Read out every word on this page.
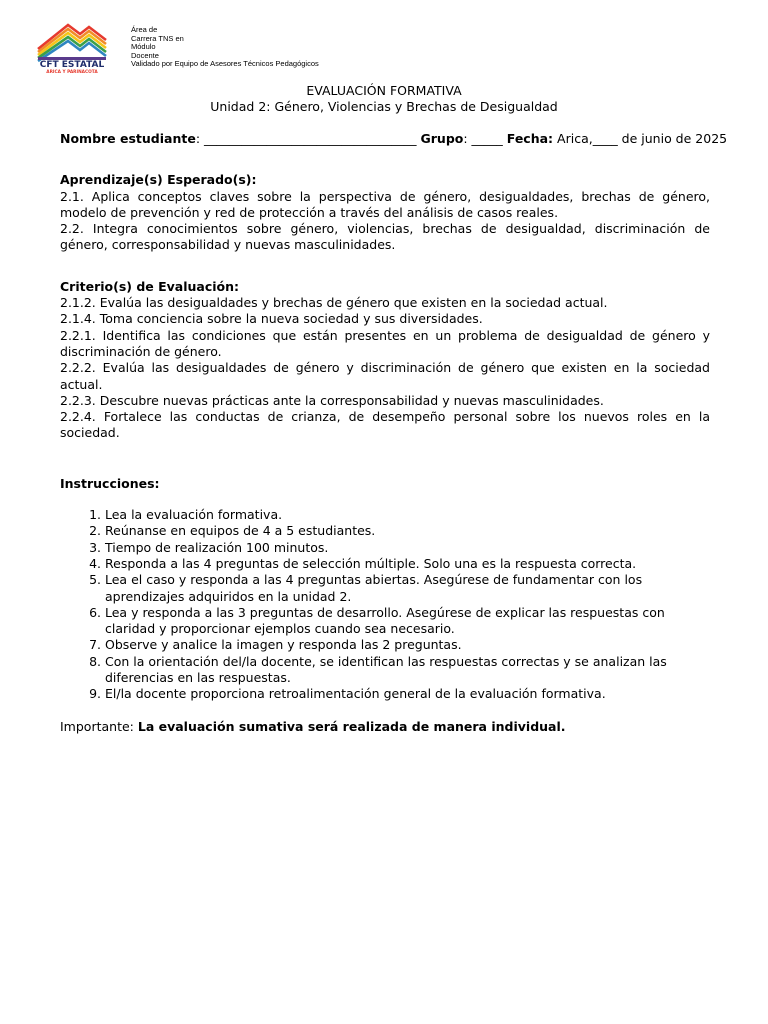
CFT ESTATAL
ARICA Y PARINACOTA
Área de
Carrera TNS en
Módulo
Docente
Validado por Equipo de Asesores Técnicos Pedagógicos
EVALUACIÓN FORMATIVA
Unidad 2: Género, Violencias y Brechas de Desigualdad
Nombre estudiante: __________________________________ Grupo: _____ Fecha: Arica,____ de junio de 2025
Aprendizaje(s) Esperado(s):
2.1. Aplica conceptos claves sobre la perspectiva de género, desigualdades, brechas de género, modelo de prevención y red de protección a través del análisis de casos reales.
2.2. Integra conocimientos sobre género, violencias, brechas de desigualdad, discriminación de género, corresponsabilidad y nuevas masculinidades.
Criterio(s) de Evaluación:
2.1.2. Evalúa las desigualdades y brechas de género que existen en la sociedad actual.
2.1.4. Toma conciencia sobre la nueva sociedad y sus diversidades.
2.2.1. Identifica las condiciones que están presentes en un problema de desigualdad de género y discriminación de género.
2.2.2. Evalúa las desigualdades de género y discriminación de género que existen en la sociedad actual.
2.2.3. Descubre nuevas prácticas ante la corresponsabilidad y nuevas masculinidades.
2.2.4. Fortalece las conductas de crianza, de desempeño personal sobre los nuevos roles en la sociedad.
Instrucciones:
1. Lea la evaluación formativa.
2. Reúnanse en equipos de 4 a 5 estudiantes.
3. Tiempo de realización 100 minutos.
4. Responda a las 4 preguntas de selección múltiple. Solo una es la respuesta correcta.
5. Lea el caso y responda a las 4 preguntas abiertas. Asegúrese de fundamentar con los aprendizajes adquiridos en la unidad 2.
6. Lea y responda a las 3 preguntas de desarrollo. Asegúrese de explicar las respuestas con claridad y proporcionar ejemplos cuando sea necesario.
7. Observe y analice la imagen y responda las 2 preguntas.
8. Con la orientación del/la docente, se identifican las respuestas correctas y se analizan las diferencias en las respuestas.
9. El/la docente proporciona retroalimentación general de la evaluación formativa.
Importante: La evaluación sumativa será realizada de manera individual.
